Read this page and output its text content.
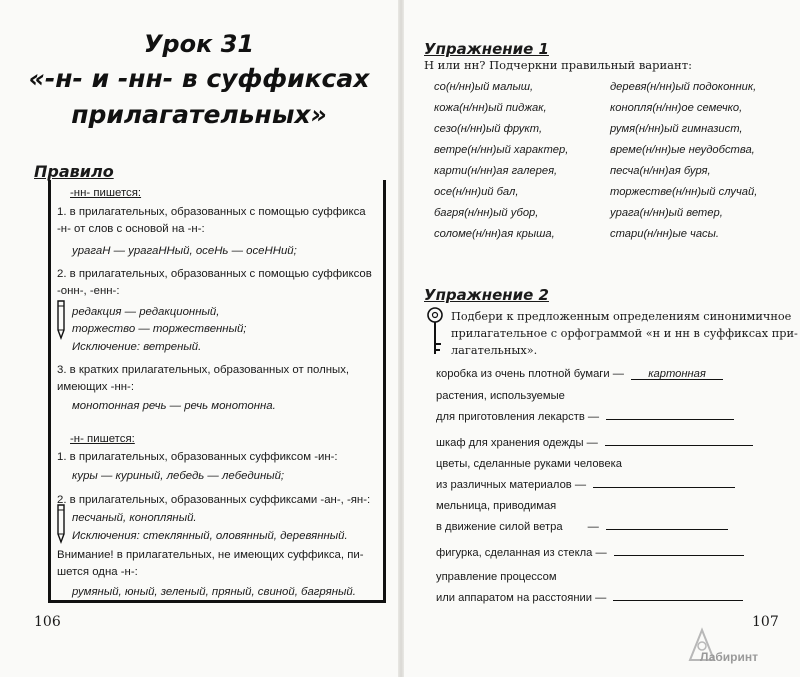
Урок 31
«-н- и -нн- в суффиксах
прилагательных»
Правило
-нн- пишется:
1. в прилагательных, образованных с помощью суффикса
-н- от слов с основой на -н-:
урагаН — урагаННый, осеНь — осеННий;
2. в прилагательных, образованных с помощью суффиксов
-онн-, -енн-:
редакция — редакционный,
торжество — торжественный;
Исключение: ветреный.
3. в кратких прилагательных, образованных от полных,
имеющих -нн-:
монотонная речь — речь монотонна.
-н- пишется:
1. в прилагательных, образованных суффиксом -ин-:
куры — куриный, лебедь — лебединый;
2. в прилагательных, образованных суффиксами -ан-, -ян-:
песчаный, конопляный.
Исключения: стеклянный, оловянный, деревянный.
Внимание! в прилагательных, не имеющих суффикса, пи-
шется одна -н-:
румяный, юный, зеленый, пряный, свиной, багряный.
106
Упражнение 1
Н или нн? Подчеркни правильный вариант:
со(н/нн)ый малыш,
кожа(н/нн)ый пиджак,
сезо(н/нн)ый фрукт,
ветре(н/нн)ый характер,
карти(н/нн)ая галерея,
осе(н/нн)ий бал,
багря(н/нн)ый убор,
соломе(н/нн)ая крыша,
деревя(н/нн)ый подоконник,
конопля(н/нн)ое семечко,
румя(н/нн)ый гимназист,
време(н/нн)ые неудобства,
песча(н/нн)ая буря,
торжестве(н/нн)ый случай,
урага(н/нн)ый ветер,
стари(н/нн)ые часы.
Упражнение 2
Подбери к предложенным определениям синонимичное
прилагательное с орфограммой «н и нн в суффиксах при-
лагательных».
коробка из очень плотной бумаги — картонная
растения, используемые
для приготовления лекарств —
шкаф для хранения одежды —
цветы, сделанные руками человека
из различных материалов —
мельница, приводимая
в движение силой ветра —
фигурка, сделанная из стекла —
управление процессом
или аппаратом на расстоянии —
107
Лабиринт
